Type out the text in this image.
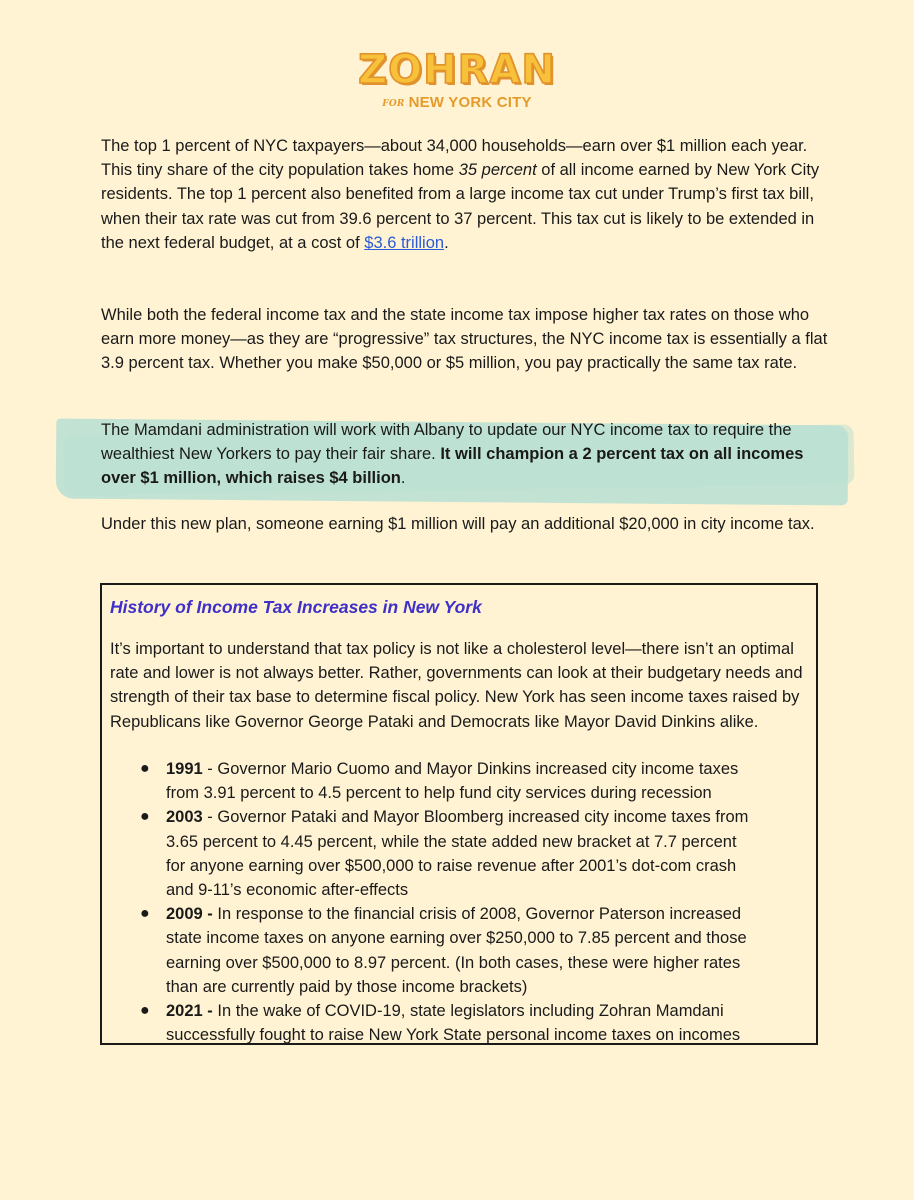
ZOHRAN
FOR NEW YORK CITY

The top 1 percent of NYC taxpayers—about 34,000 households—earn over $1 million each year. This tiny share of the city population takes home 35 percent of all income earned by New York City residents. The top 1 percent also benefited from a large income tax cut under Trump’s first tax bill, when their tax rate was cut from 39.6 percent to 37 percent. This tax cut is likely to be extended in the next federal budget, at a cost of $3.6 trillion.

While both the federal income tax and the state income tax impose higher tax rates on those who earn more money—as they are “progressive” tax structures, the NYC income tax is essentially a flat 3.9 percent tax. Whether you make $50,000 or $5 million, you pay practically the same tax rate.

The Mamdani administration will work with Albany to update our NYC income tax to require the wealthiest New Yorkers to pay their fair share. It will champion a 2 percent tax on all incomes over $1 million, which raises $4 billion.

Under this new plan, someone earning $1 million will pay an additional $20,000 in city income tax.

History of Income Tax Increases in New York

It’s important to understand that tax policy is not like a cholesterol level—there isn’t an optimal rate and lower is not always better. Rather, governments can look at their budgetary needs and strength of their tax base to determine fiscal policy. New York has seen income taxes raised by Republicans like Governor George Pataki and Democrats like Mayor David Dinkins alike.

● 1991 - Governor Mario Cuomo and Mayor Dinkins increased city income taxes from 3.91 percent to 4.5 percent to help fund city services during recession
● 2003 - Governor Pataki and Mayor Bloomberg increased city income taxes from 3.65 percent to 4.45 percent, while the state added new bracket at 7.7 percent for anyone earning over $500,000 to raise revenue after 2001’s dot-com crash and 9-11’s economic after-effects
● 2009 - In response to the financial crisis of 2008, Governor Paterson increased state income taxes on anyone earning over $250,000 to 7.85 percent and those earning over $500,000 to 8.97 percent. (In both cases, these were higher rates than are currently paid by those income brackets)
● 2021 - In the wake of COVID-19, state legislators including Zohran Mamdani successfully fought to raise New York State personal income taxes on incomes
